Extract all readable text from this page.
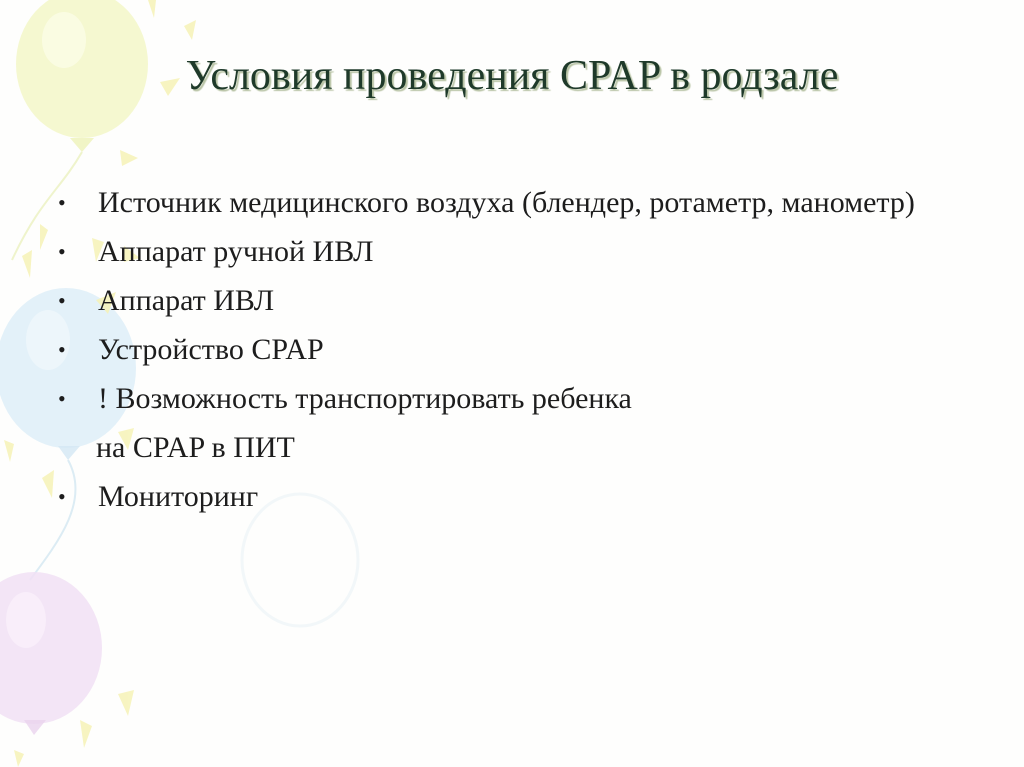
Условия проведения CPAP в родзале
• Источник медицинского воздуха (блендер, ротаметр, манометр)
• Аппарат ручной ИВЛ
• Аппарат ИВЛ
• Устройство CPAP
• ! Возможность транспортировать ребенка
на CPAP в ПИТ
• Мониторинг
